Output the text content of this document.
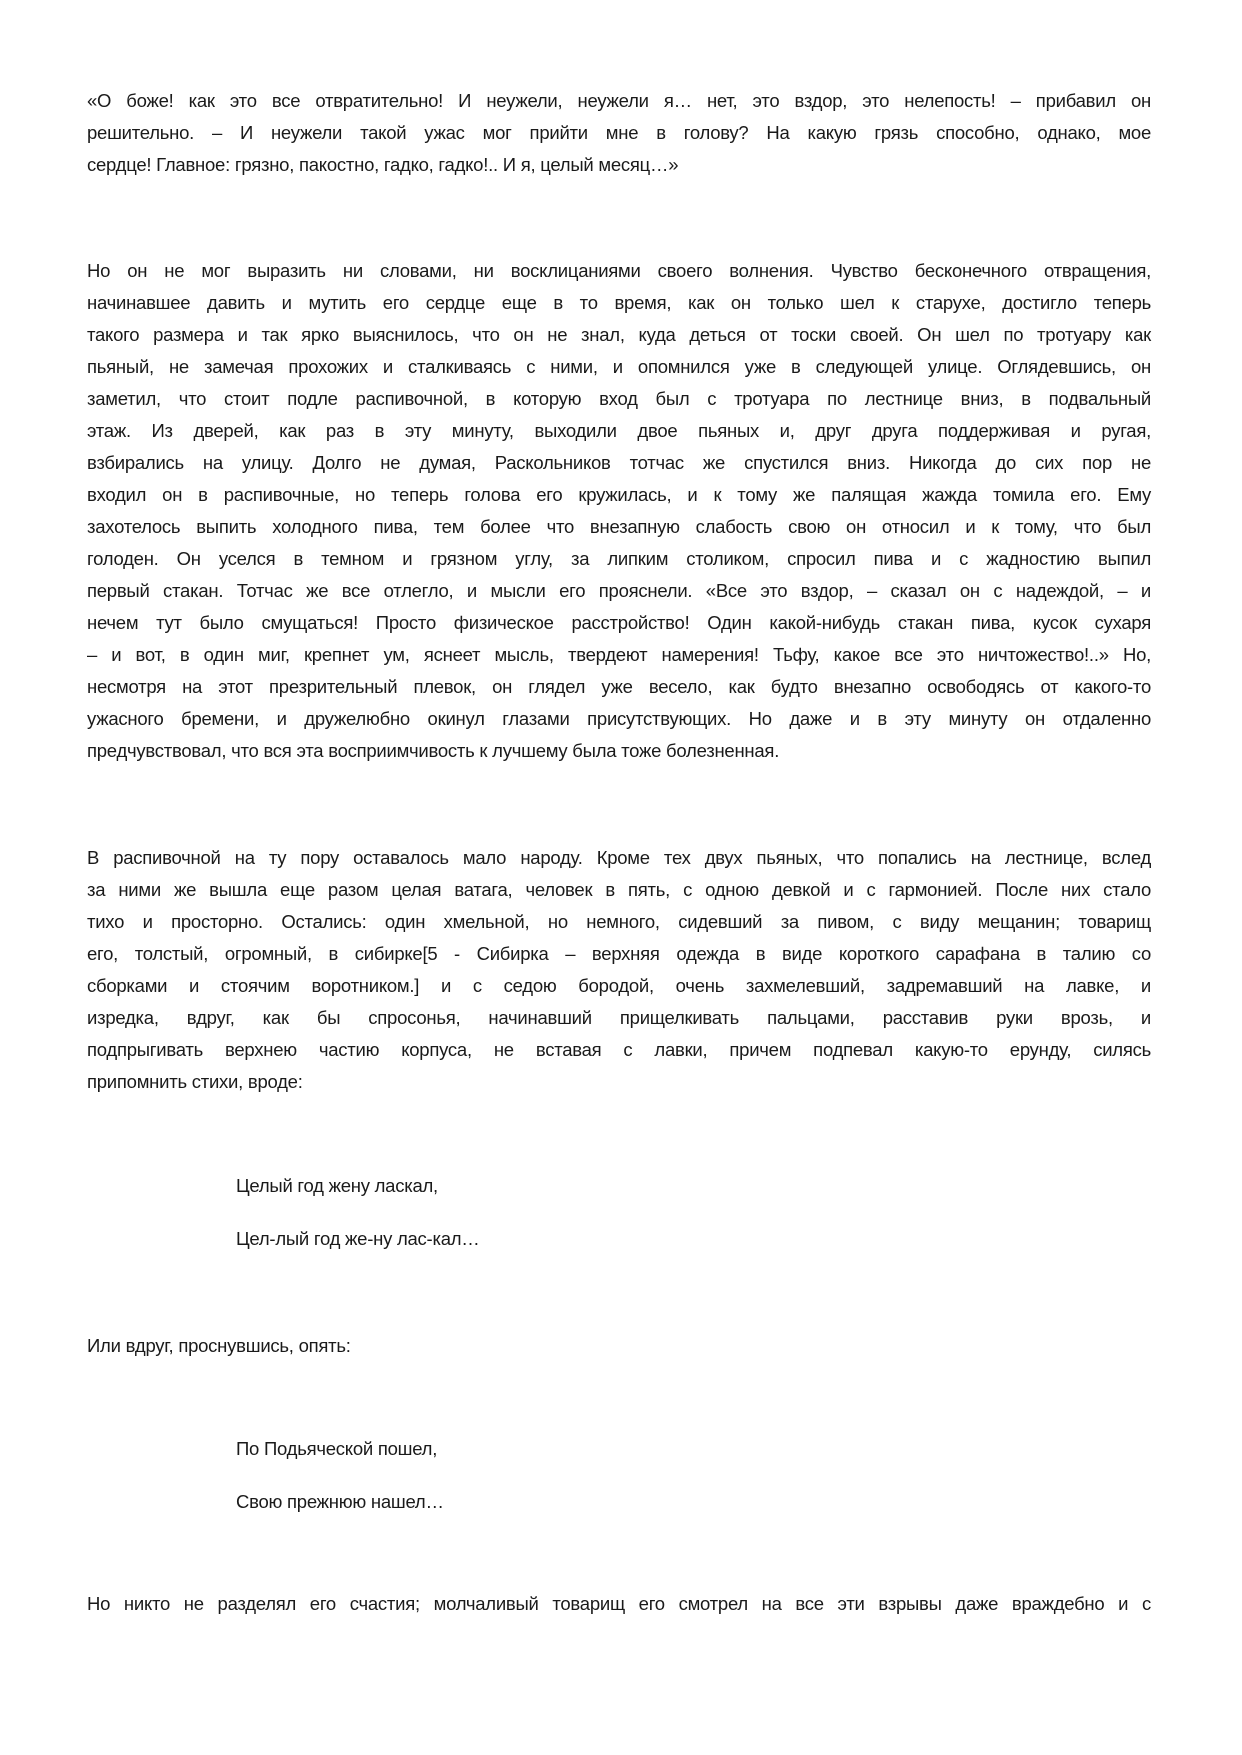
«О боже! как это все отвратительно! И неужели, неужели я… нет, это вздор, это нелепость! – прибавил он
решительно. – И неужели такой ужас мог прийти мне в голову? На какую грязь способно, однако, мое
сердце! Главное: грязно, пакостно, гадко, гадко!.. И я, целый месяц…»
Но он не мог выразить ни словами, ни восклицаниями своего волнения. Чувство бесконечного отвращения,
начинавшее давить и мутить его сердце еще в то время, как он только шел к старухе, достигло теперь
такого размера и так ярко выяснилось, что он не знал, куда деться от тоски своей. Он шел по тротуару как
пьяный, не замечая прохожих и сталкиваясь с ними, и опомнился уже в следующей улице. Оглядевшись, он
заметил, что стоит подле распивочной, в которую вход был с тротуара по лестнице вниз, в подвальный
этаж. Из дверей, как раз в эту минуту, выходили двое пьяных и, друг друга поддерживая и ругая,
взбирались на улицу. Долго не думая, Раскольников тотчас же спустился вниз. Никогда до сих пор не
входил он в распивочные, но теперь голова его кружилась, и к тому же палящая жажда томила его. Ему
захотелось выпить холодного пива, тем более что внезапную слабость свою он относил и к тому, что был
голоден. Он уселся в темном и грязном углу, за липким столиком, спросил пива и с жадностию выпил
первый стакан. Тотчас же все отлегло, и мысли его прояснели. «Все это вздор, – сказал он с надеждой, – и
нечем тут было смущаться! Просто физическое расстройство! Один какой-нибудь стакан пива, кусок сухаря
– и вот, в один миг, крепнет ум, яснеет мысль, твердеют намерения! Тьфу, какое все это ничтожество!..» Но,
несмотря на этот презрительный плевок, он глядел уже весело, как будто внезапно освободясь от какого-то
ужасного бремени, и дружелюбно окинул глазами присутствующих. Но даже и в эту минуту он отдаленно
предчувствовал, что вся эта восприимчивость к лучшему была тоже болезненная.
В распивочной на ту пору оставалось мало народу. Кроме тех двух пьяных, что попались на лестнице, вслед
за ними же вышла еще разом целая ватага, человек в пять, с одною девкой и с гармонией. После них стало
тихо и просторно. Остались: один хмельной, но немного, сидевший за пивом, с виду мещанин; товарищ
его, толстый, огромный, в сибирке[5 - Сибирка – верхняя одежда в виде короткого сарафана в талию со
сборками и стоячим воротником.] и с седою бородой, очень захмелевший, задремавший на лавке, и
изредка, вдруг, как бы спросонья, начинавший прищелкивать пальцами, расставив руки врозь, и
подпрыгивать верхнею частию корпуса, не вставая с лавки, причем подпевал какую-то ерунду, силясь
припомнить стихи, вроде:
Целый год жену ласкал,
Цел-лый год же-ну лас-кал…
Или вдруг, проснувшись, опять:
По Подьяческой пошел,
Свою прежнюю нашел…
Но никто не разделял его счастия; молчаливый товарищ его смотрел на все эти взрывы даже враждебно и с
